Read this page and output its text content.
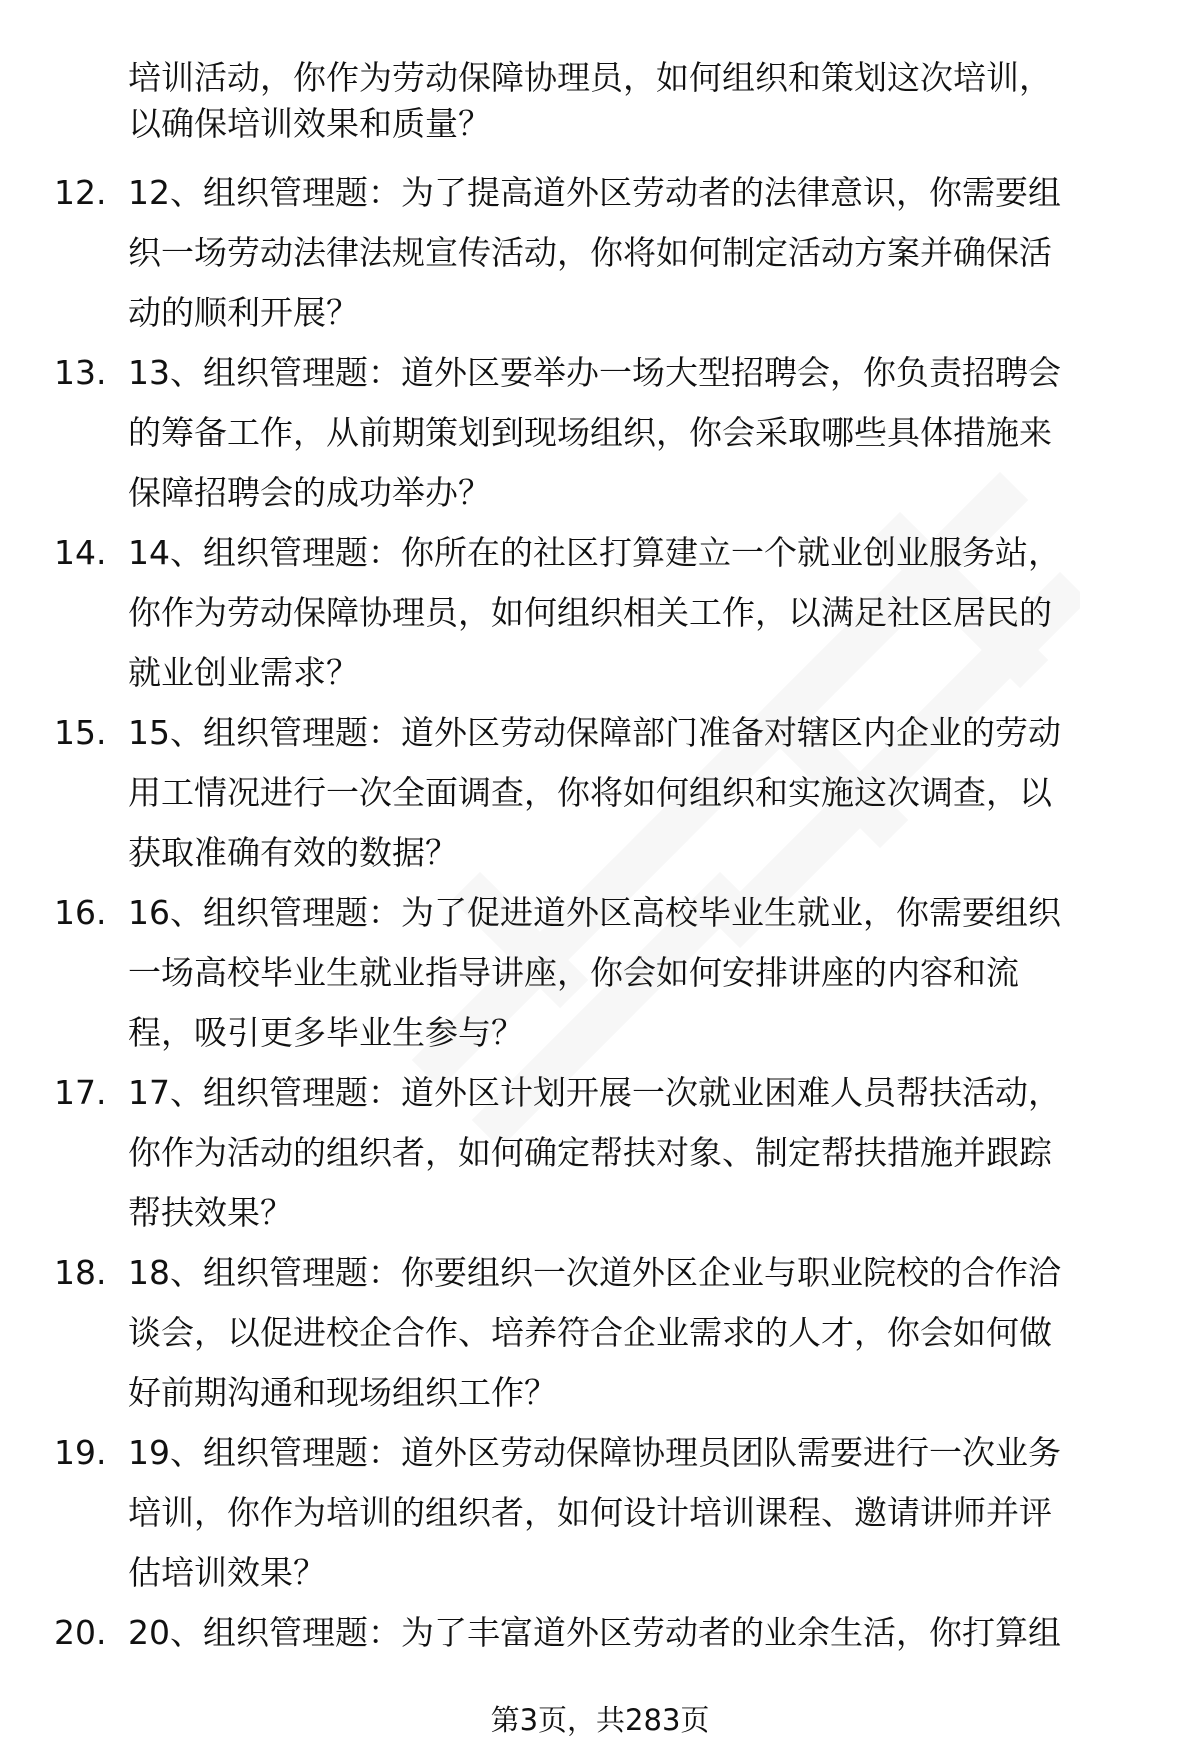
培训活动，你作为劳动保障协理员，如何组织和策划这次培训，
以确保培训效果和质量？
12. 12、组织管理题：为了提高道外区劳动者的法律意识，你需要组
织一场劳动法律法规宣传活动，你将如何制定活动方案并确保活
动的顺利开展？
13. 13、组织管理题：道外区要举办一场大型招聘会，你负责招聘会
的筹备工作，从前期策划到现场组织，你会采取哪些具体措施来
保障招聘会的成功举办？
14. 14、组织管理题：你所在的社区打算建立一个就业创业服务站，
你作为劳动保障协理员，如何组织相关工作，以满足社区居民的
就业创业需求？
15. 15、组织管理题：道外区劳动保障部门准备对辖区内企业的劳动
用工情况进行一次全面调查，你将如何组织和实施这次调查，以
获取准确有效的数据？
16. 16、组织管理题：为了促进道外区高校毕业生就业，你需要组织
一场高校毕业生就业指导讲座，你会如何安排讲座的内容和流
程，吸引更多毕业生参与？
17. 17、组织管理题：道外区计划开展一次就业困难人员帮扶活动，
你作为活动的组织者，如何确定帮扶对象、制定帮扶措施并跟踪
帮扶效果？
18. 18、组织管理题：你要组织一次道外区企业与职业院校的合作洽
谈会，以促进校企合作、培养符合企业需求的人才，你会如何做
好前期沟通和现场组织工作？
19. 19、组织管理题：道外区劳动保障协理员团队需要进行一次业务
培训，你作为培训的组织者，如何设计培训课程、邀请讲师并评
估培训效果？
20. 20、组织管理题：为了丰富道外区劳动者的业余生活，你打算组
第3页，共283页
